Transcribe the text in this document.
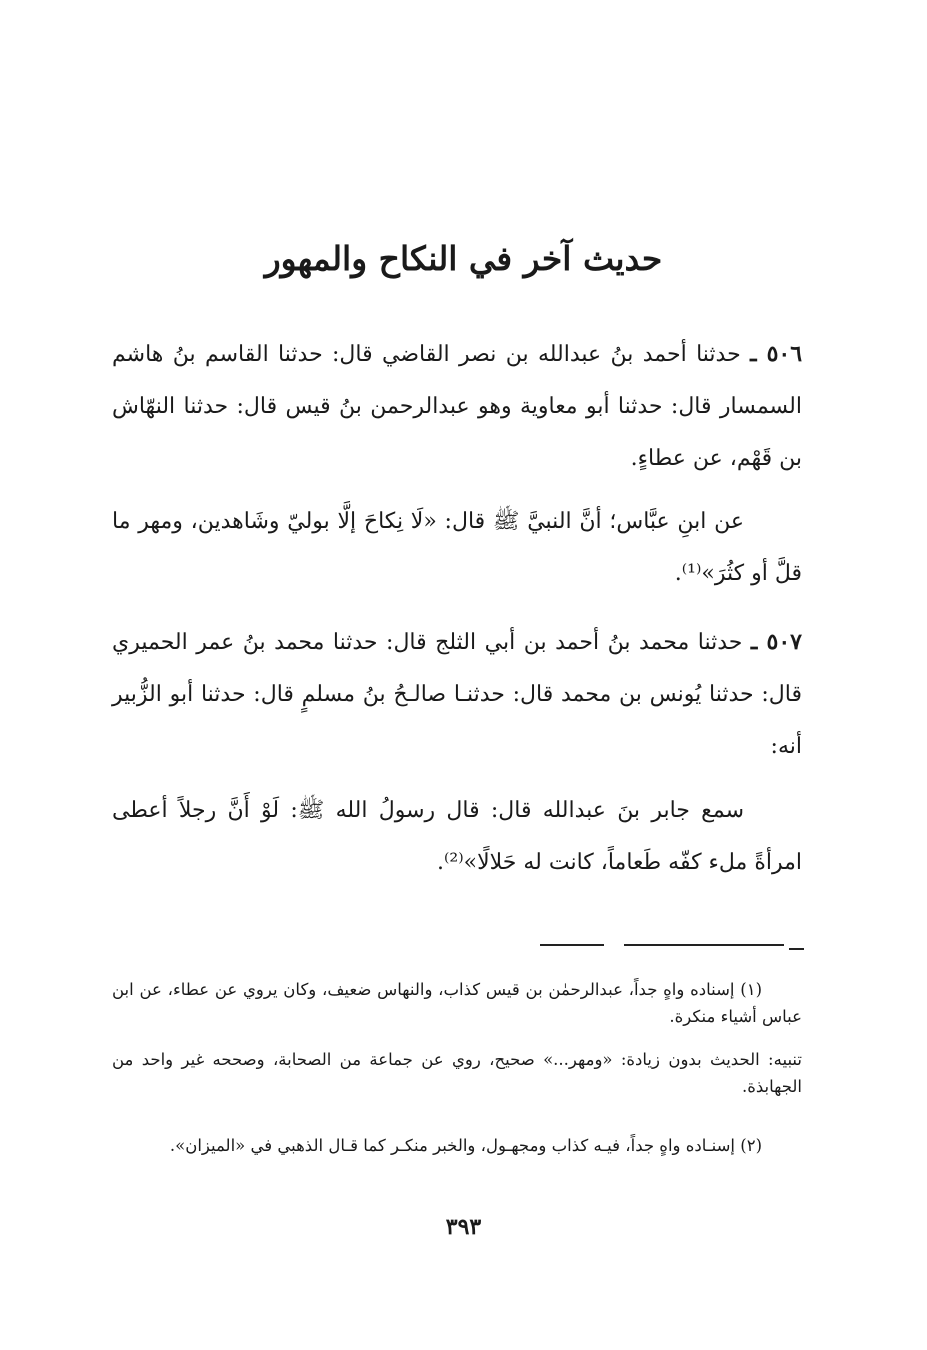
حديث آخر في النكاح والمهور

٥٠٦ ـ حدثنا أحمد بنُ عبدالله بن نصر القاضي قال: حدثنا القاسم بنُ هاشم السمسار قال: حدثنا أبو معاوية وهو عبدالرحمن بنُ قيس قال: حدثنا النهّاش بن قَهْم، عن عطاءٍ.

عن ابنِ عبَّاس؛ أنَّ النبيَّ ﷺ قال: «لَا نِكاحَ إلَّا بوليّ وشَاهدين، ومهر ما قلَّ أو كثُرَ»⁽¹⁾.

٥٠٧ ـ حدثنا محمد بنُ أحمد بن أبي الثلج قال: حدثنا محمد بنُ عمر الحميري قال: حدثنا يُونس بن محمد قال: حدثنـا صالـحُ بنُ مسلمٍ قال: حدثنا أبو الزُّبير أنه:

سمع جابر بنَ عبدالله قال: قال رسولُ الله ﷺ: لَوْ أَنَّ رجلاً أعطى امرأةً ملء كفّه طَعاماً، كانت له حَلالًا»⁽²⁾.

(١) إسناده واهٍ جداً، عبدالرحمٰن بن قيس كذاب، والنهاس ضعيف، وكان يروي عن عطاء، عن ابن عباس أشياء منكرة.

تنبيه: الحديث بدون زيادة: «ومهر...» صحيح، روي عن جماعة من الصحابة، وصححه غير واحد من الجهابذة.

(٢) إسنـاده واهٍ جداً، فيـه كذاب ومجهـول، والخبر منكـر كما قـال الذهبي في «الميزان».

٣٩٣
